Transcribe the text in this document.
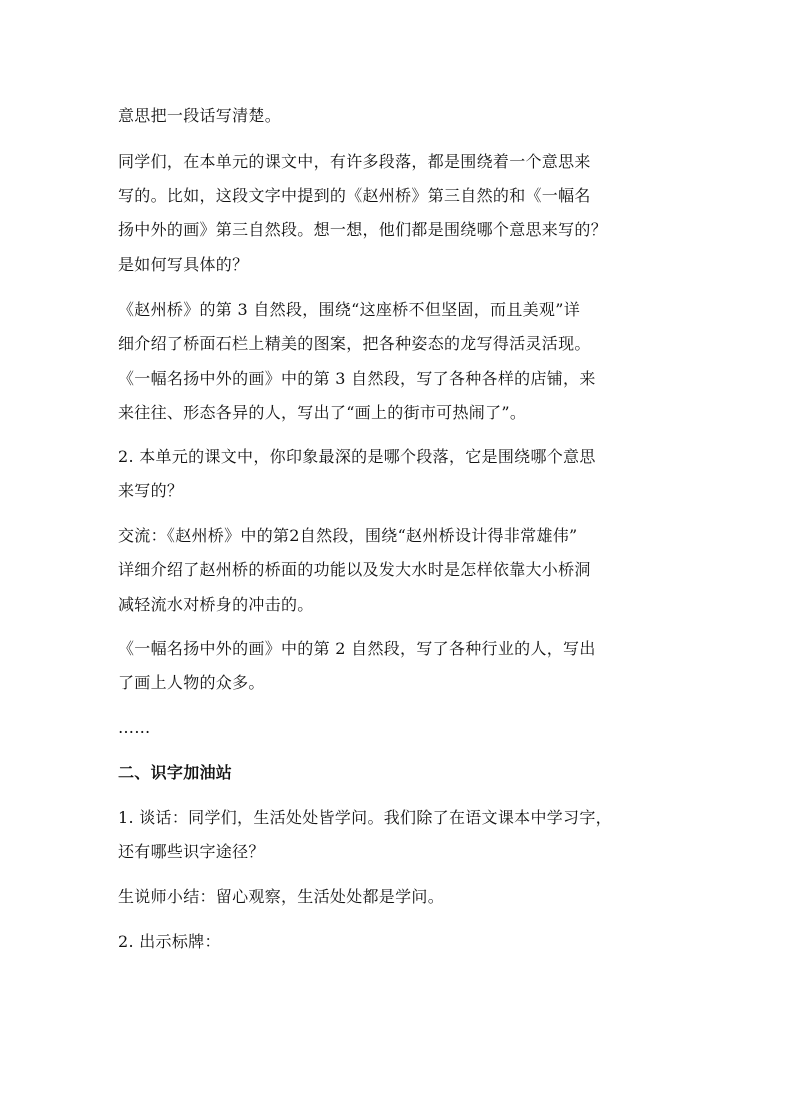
意思把一段话写清楚。
同学们，在本单元的课文中，有许多段落，都是围绕着一个意思来
写的。比如，这段文字中提到的《赵州桥》第三自然的和《一幅名
扬中外的画》第三自然段。想一想，他们都是围绕哪个意思来写的？
是如何写具体的？
《赵州桥》的第 3 自然段，围绕“这座桥不但坚固，而且美观”详
细介绍了桥面石栏上精美的图案，把各种姿态的龙写得活灵活现。
《一幅名扬中外的画》中的第 3 自然段，写了各种各样的店铺，来
来往往、形态各异的人，写出了“画上的街市可热闹了”。
2. 本单元的课文中，你印象最深的是哪个段落，它是围绕哪个意思
来写的？
交流：《赵州桥》中的第2自然段，围绕“赵州桥设计得非常雄伟”
详细介绍了赵州桥的桥面的功能以及发大水时是怎样依靠大小桥洞
减轻流水对桥身的冲击的。
《一幅名扬中外的画》中的第 2 自然段，写了各种行业的人，写出
了画上人物的众多。
……
二、识字加油站
1. 谈话：同学们，生活处处皆学问。我们除了在语文课本中学习字，
还有哪些识字途径？
生说师小结：留心观察，生活处处都是学问。
2. 出示标牌：
